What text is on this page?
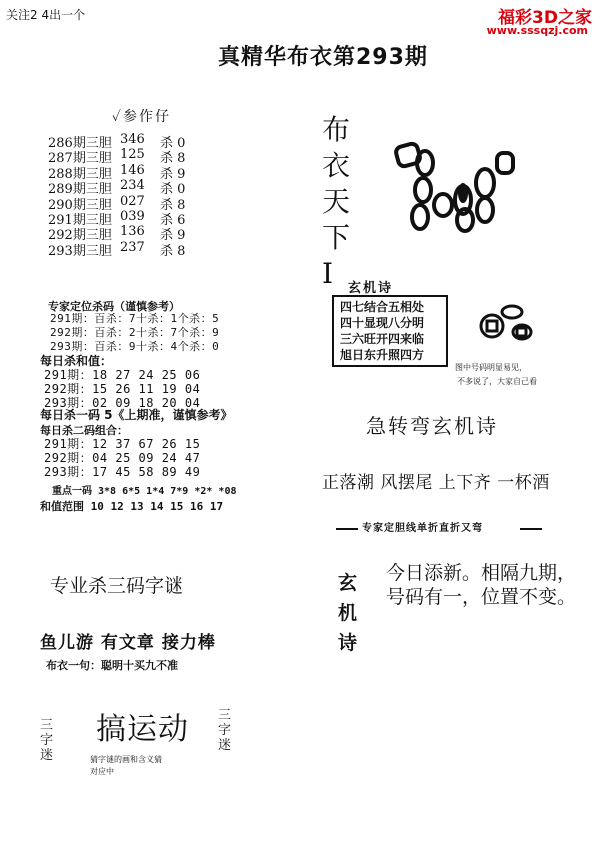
关注2 4出一个	福彩3D之家
www.sssqzj.com
真精华布衣第293期
✓参作仔
286期三胆 346 杀 0
287期三胆 125 杀 8
288期三胆 146 杀 9
289期三胆 234 杀 0
290期三胆 027 杀 8
291期三胆 039 杀 6
292期三胆 136 杀 9
293期三胆 237 杀 8
专家定位杀码（谨慎参考）
291期：百杀：7十杀：1个杀：5
292期：百杀：2十杀：7个杀：9
293期：百杀：9十杀：4个杀：0
每日杀和值：
291期：18 27 24 25 06
292期：15 26 11 19 04
293期：02 09 18 20 04
每日杀一码 5《上期准，谨慎参考》
每日杀二码组合：
291期：12 37 67 26 15
292期：04 25 09 24 47
293期：17 45 58 89 49
重点一码 3*8 6*5 1*4 7*9 *2* *08
和值范围 10 12 13 14 15 16 17
专业杀三码字谜
鱼儿游 有文章 接力棒
布衣一句：聪明十买九不准
三字迷
搞运动 三字迷
猜字谜的画和含义猜
对应中
布
衣
天
下
I	玄机诗
四七结合五相处
四十显现八分明
三六旺开四来临
旭日东升照四方
图中号码明显易见，
不多说了，大家自己看
急转弯玄机诗
正落潮 风摆尾 上下齐 一杯酒
专家定胆线单折直折又弯
玄
机
诗
今日添新。相隔九期，
号码有一，位置不变。
